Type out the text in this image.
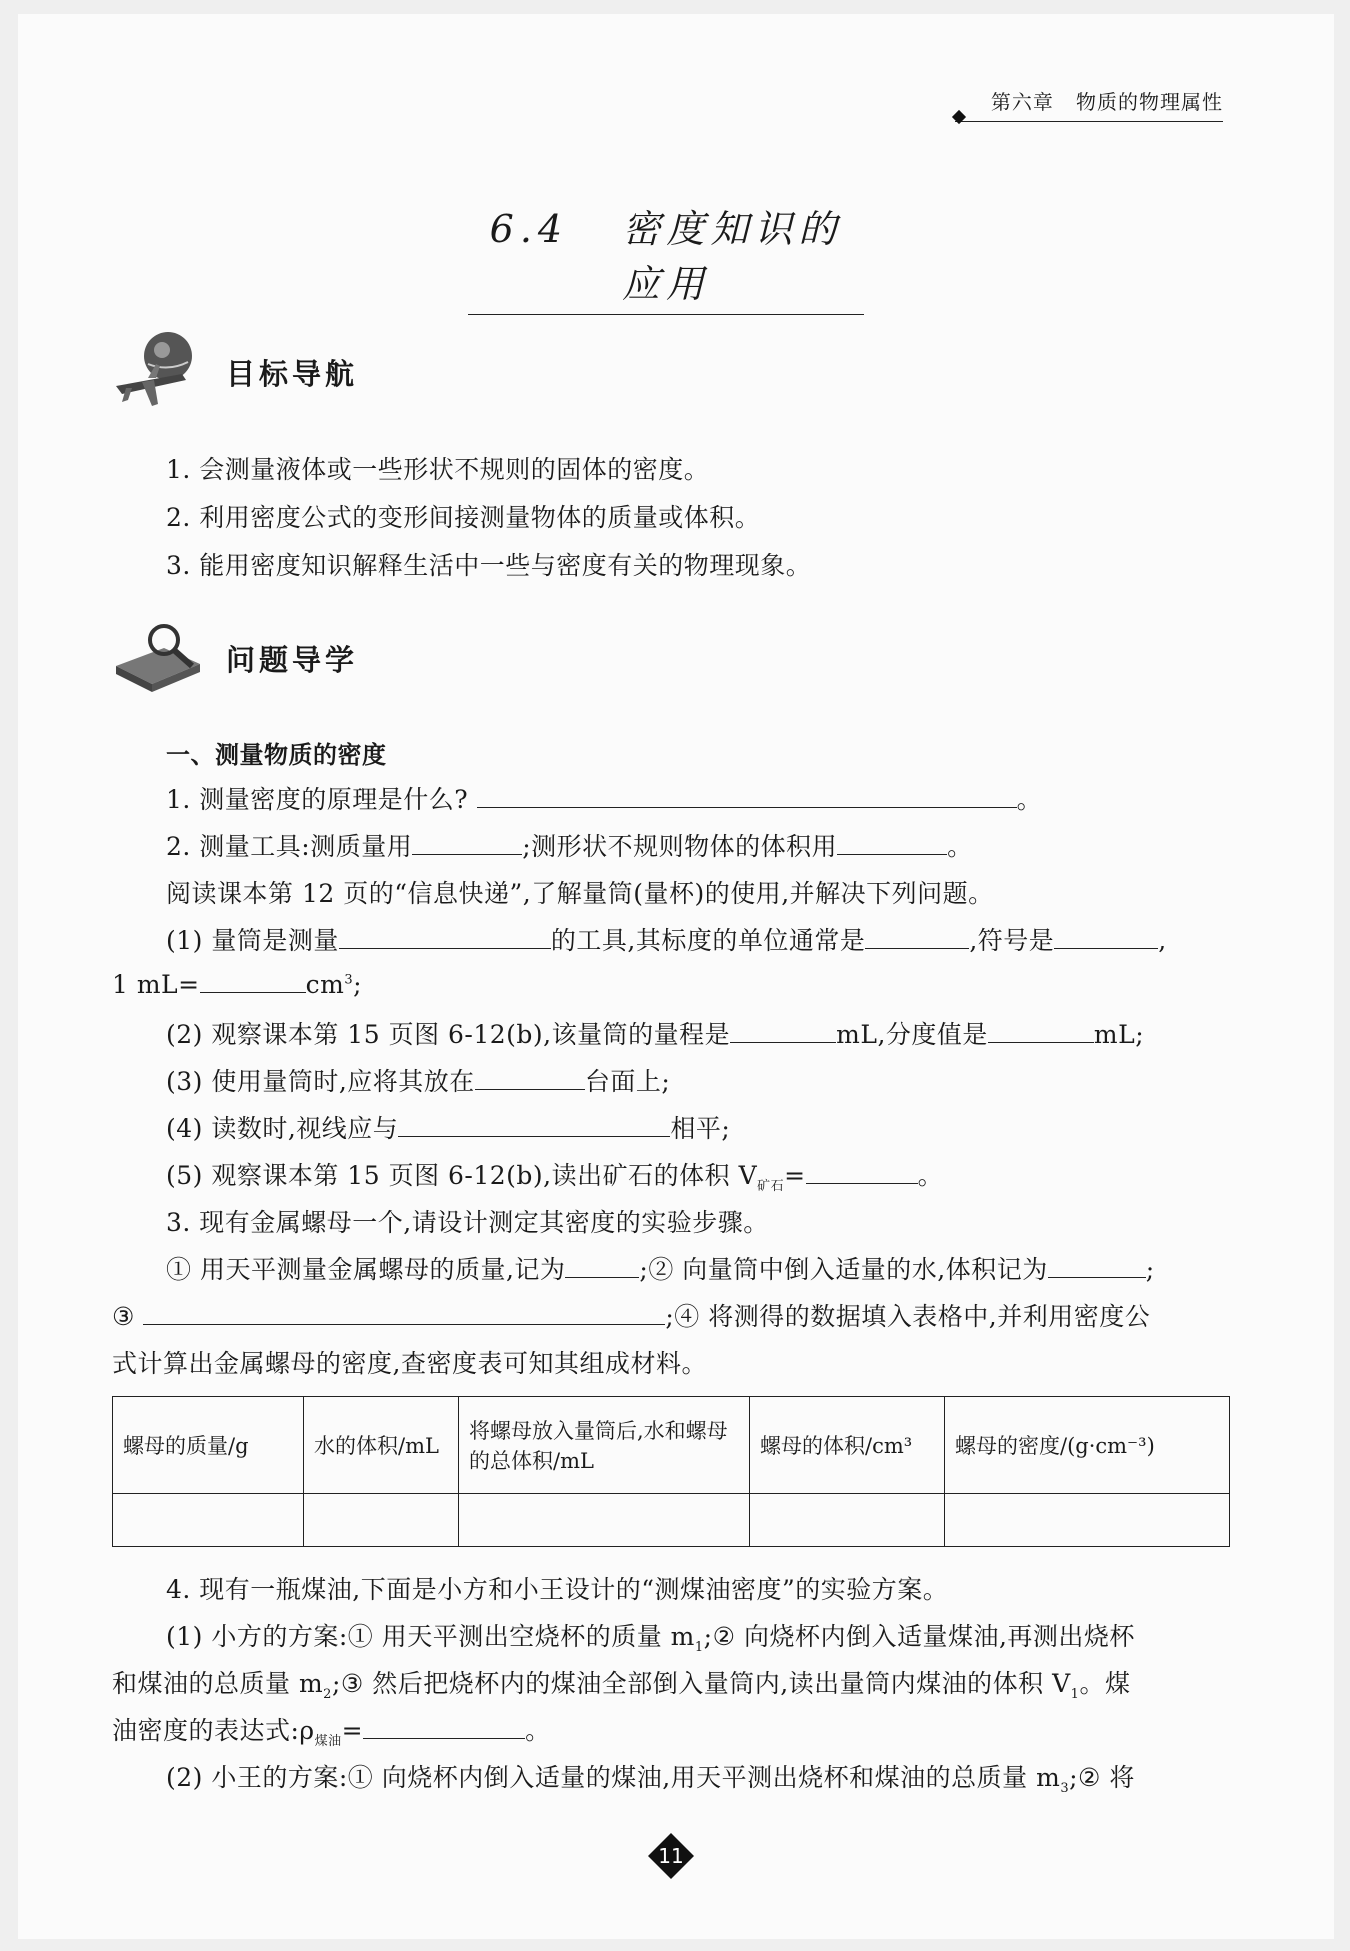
第六章 物质的物理属性
6.4 密度知识的应用
目标导航
1. 会测量液体或一些形状不规则的固体的密度。
2. 利用密度公式的变形间接测量物体的质量或体积。
3. 能用密度知识解释生活中一些与密度有关的物理现象。
问题导学
一、测量物质的密度
1. 测量密度的原理是什么?	。
2. 测量工具:测质量用	;测形状不规则物体的体积用	。
阅读课本第 12 页的“信息快递”,了解量筒(量杯)的使用,并解决下列问题。
(1) 量筒是测量	的工具,其标度的单位通常是	,符号是	,
1 mL=	$cm^3$;
(2) 观察课本第 15 页图 6-12(b),该量筒的量程是	mL,分度值是	mL;
(3) 使用量筒时,应将其放在	台面上;
(4) 读数时,视线应与	相平;
(5) 观察课本第 15 页图 6-12(b),读出矿石的体积 $V_{矿石}=$	。
3. 现有金属螺母一个,请设计测定其密度的实验步骤。
① 用天平测量金属螺母的质量,记为	;② 向量筒中倒入适量的水,体积记为	;
③	;④ 将测得的数据填入表格中,并利用密度公
式计算出金属螺母的密度,查密度表可知其组成材料。
螺母的质量/g	水的体积/mL	将螺母放入量筒后,水和螺母的总体积/mL	螺母的体积/cm³	螺母的密度/(g·cm⁻³)

4. 现有一瓶煤油,下面是小方和小王设计的“测煤油密度”的实验方案。
(1) 小方的方案:① 用天平测出空烧杯的质量 $m_1;②$ 向烧杯内倒入适量煤油,再测出烧杯
和煤油的总质量 $m_2;③$ 然后把烧杯内的煤油全部倒入量筒内,读出量筒内煤油的体积 $V_1$。煤
油密度的表达式$:\rho_{煤油}=$	。
(2) 小王的方案:① 向烧杯内倒入适量的煤油,用天平测出烧杯和煤油的总质量 $m_3;②$ 将
11
